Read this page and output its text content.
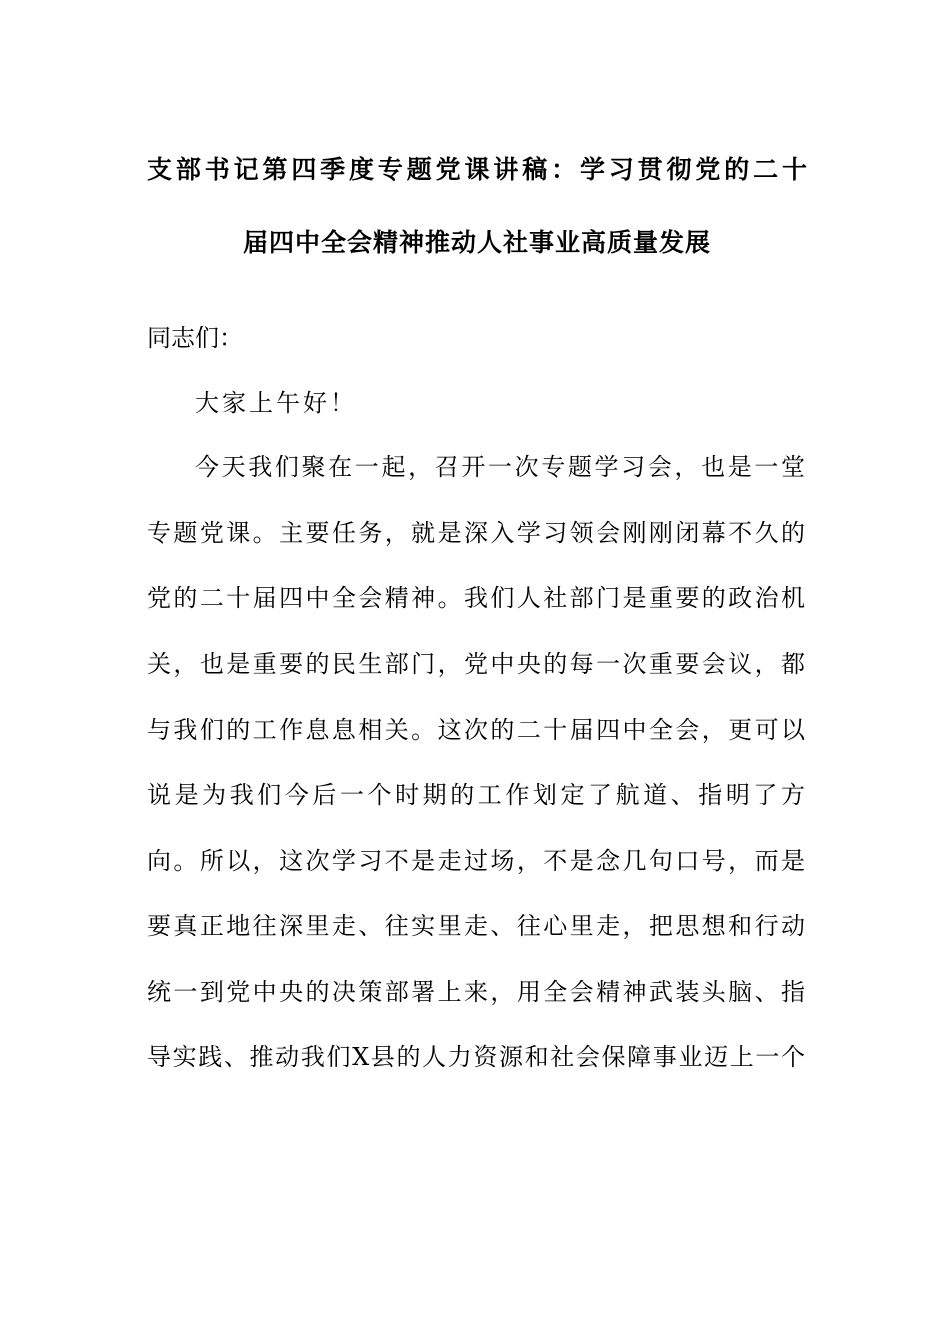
支部书记第四季度专题党课讲稿：学习贯彻党的二十
届四中全会精神推动人社事业高质量发展
同志们：
大家上午好！
今天我们聚在一起，召开一次专题学习会，也是一堂
专题党课。主要任务，就是深入学习领会刚刚闭幕不久的
党的二十届四中全会精神。我们人社部门是重要的政治机
关，也是重要的民生部门，党中央的每一次重要会议，都
与我们的工作息息相关。这次的二十届四中全会，更可以
说是为我们今后一个时期的工作划定了航道、指明了方
向。所以，这次学习不是走过场，不是念几句口号，而是
要真正地往深里走、往实里走、往心里走，把思想和行动
统一到党中央的决策部署上来，用全会精神武装头脑、指
导实践、推动我们X县的人力资源和社会保障事业迈上一个
